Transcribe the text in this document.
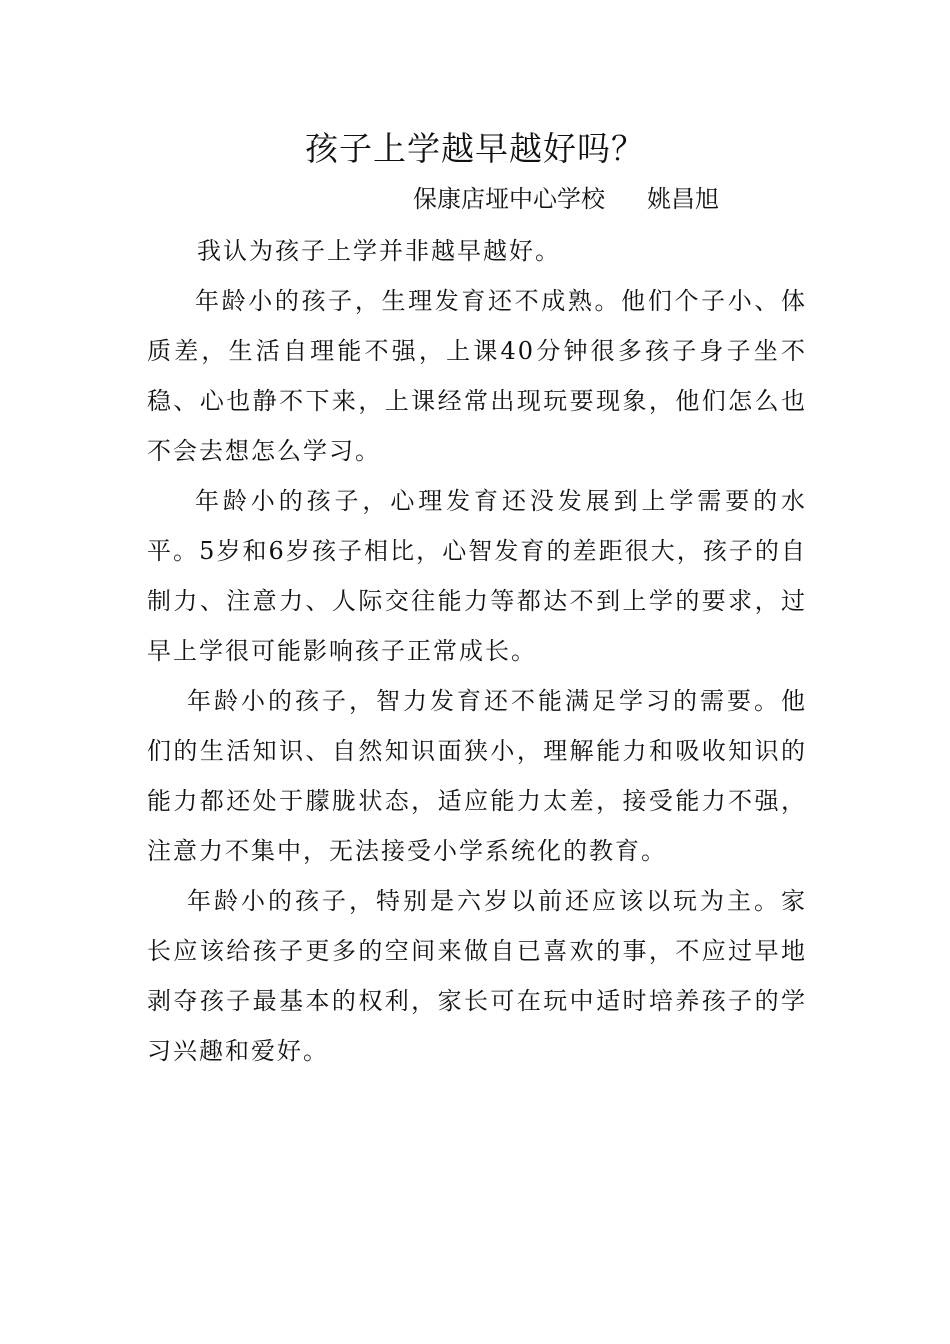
孩子上学越早越好吗？
保康店垭中心学校 姚昌旭

我认为孩子上学并非越早越好。

年龄小的孩子，生理发育还不成熟。他们个子小、体质差，生活自理能不强，上课40分钟很多孩子身子坐不稳、心也静不下来，上课经常出现玩要现象，他们怎么也不会去想怎么学习。

年龄小的孩子，心理发育还没发展到上学需要的水平。5岁和6岁孩子相比，心智发育的差距很大，孩子的自制力、注意力、人际交往能力等都达不到上学的要求，过早上学很可能影响孩子正常成长。

年龄小的孩子，智力发育还不能满足学习的需要。他们的生活知识、自然知识面狭小，理解能力和吸收知识的能力都还处于朦胧状态，适应能力太差，接受能力不强，注意力不集中，无法接受小学系统化的教育。

年龄小的孩子，特别是六岁以前还应该以玩为主。家长应该给孩子更多的空间来做自已喜欢的事，不应过早地剥夺孩子最基本的权利，家长可在玩中适时培养孩子的学习兴趣和爱好。
